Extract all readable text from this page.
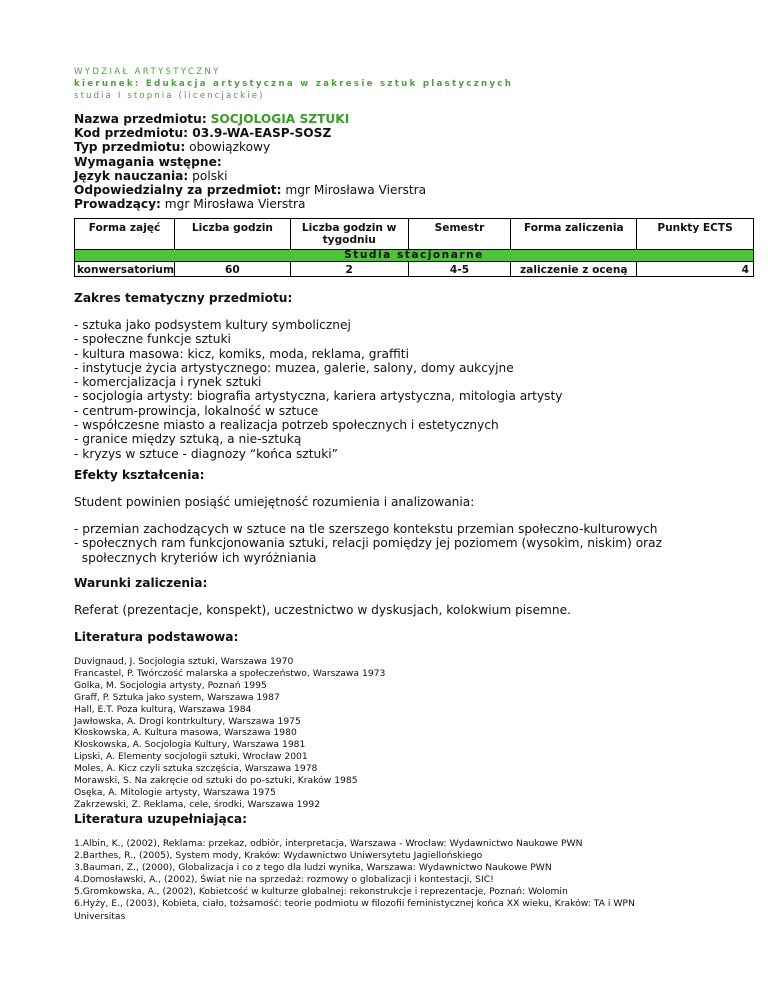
WYDZIAŁ ARTYSTYCZNY
kierunek: Edukacja artystyczna w zakresie sztuk plastycznych
studia I stopnia (licencjackie)
Nazwa przedmiotu: SOCJOLOGIA SZTUKI
Kod przedmiotu: 03.9-WA-EASP-SOSZ
Typ przedmiotu: obowiązkowy
Wymagania wstępne:
Język nauczania: polski
Odpowiedzialny za przedmiot: mgr Mirosława Vierstra
Prowadzący: mgr Mirosława Vierstra
Forma zajęć	Liczba godzin	Liczba godzin w tygodniu	Semestr	Forma zaliczenia	Punkty ECTS
Studia stacjonarne					
konwersatorium	60	2	4-5	zaliczenie z oceną	4
Zakres tematyczny przedmiotu:
- sztuka jako podsystem kultury symbolicznej
- społeczne funkcje sztuki
- kultura masowa: kicz, komiks, moda, reklama, graffiti
- instytucje życia artystycznego: muzea, galerie, salony, domy aukcyjne
- komercjalizacja i rynek sztuki
- socjologia artysty: biografia artystyczna, kariera artystyczna, mitologia artysty
- centrum-prowincja, lokalność w sztuce
- współczesne miasto a realizacja potrzeb społecznych i estetycznych
- granice między sztuką, a nie-sztuką
- kryzys w sztuce - diagnozy “końca sztuki”
Efekty kształcenia:
Student powinien posiąść umiejętność rozumienia i analizowania:
- przemian zachodzących w sztuce na tle szerszego kontekstu przemian społeczno-kulturowych
- społecznych ram funkcjonowania sztuki, relacji pomiędzy jej poziomem (wysokim, niskim) oraz
społecznych kryteriów ich wyróżniania
Warunki zaliczenia:
Referat (prezentacje, konspekt), uczestnictwo w dyskusjach, kolokwium pisemne.
Literatura podstawowa:
Duvignaud, J. Socjologia sztuki, Warszawa 1970
Francastel, P. Twórczość malarska a społeczeństwo, Warszawa 1973
Golka, M. Socjologia artysty, Poznań 1995
Graff, P. Sztuka jako system, Warszawa 1987
Hall, E.T. Poza kulturą, Warszawa 1984
Jawłowska, A. Drogi kontrkultury, Warszawa 1975
Kłoskowska, A. Kultura masowa, Warszawa 1980
Kłoskowska, A. Socjologia Kultury, Warszawa 1981
Lipski, A. Elementy socjologii sztuki, Wrocław 2001
Moles, A. Kicz czyli sztuka szczęścia, Warszawa 1978
Morawski, S. Na zakręcie od sztuki do po-sztuki, Kraków 1985
Osęka, A. Mitologie artysty, Warszawa 1975
Zakrzewski, Z. Reklama, cele, środki, Warszawa 1992
Literatura uzupełniająca:
1.Albin, K., (2002), Reklama: przekaz, odbiór, interpretacja, Warszawa - Wrocław: Wydawnictwo Naukowe PWN
2.Barthes, R., (2005), System mody, Kraków: Wydawnictwo Uniwersytetu Jagiellońskiego
3.Bauman, Z., (2000), Globalizacja i co z tego dla ludzi wynika, Warszawa: Wydawnictwo Naukowe PWN
4.Domosławski, A., (2002), Świat nie na sprzedaż: rozmowy o globalizacji i kontestacji, SIC!
5.Gromkowska, A., (2002), Kobietcość w kulturze globalnej: rekonstrukcje i reprezentacje, Poznań: Wolomin
6.Hyży, E., (2003), Kobieta, ciało, tożsamość: teorie podmiotu w filozofii feministycznej końca XX wieku, Kraków: TA i WPN Universitas
